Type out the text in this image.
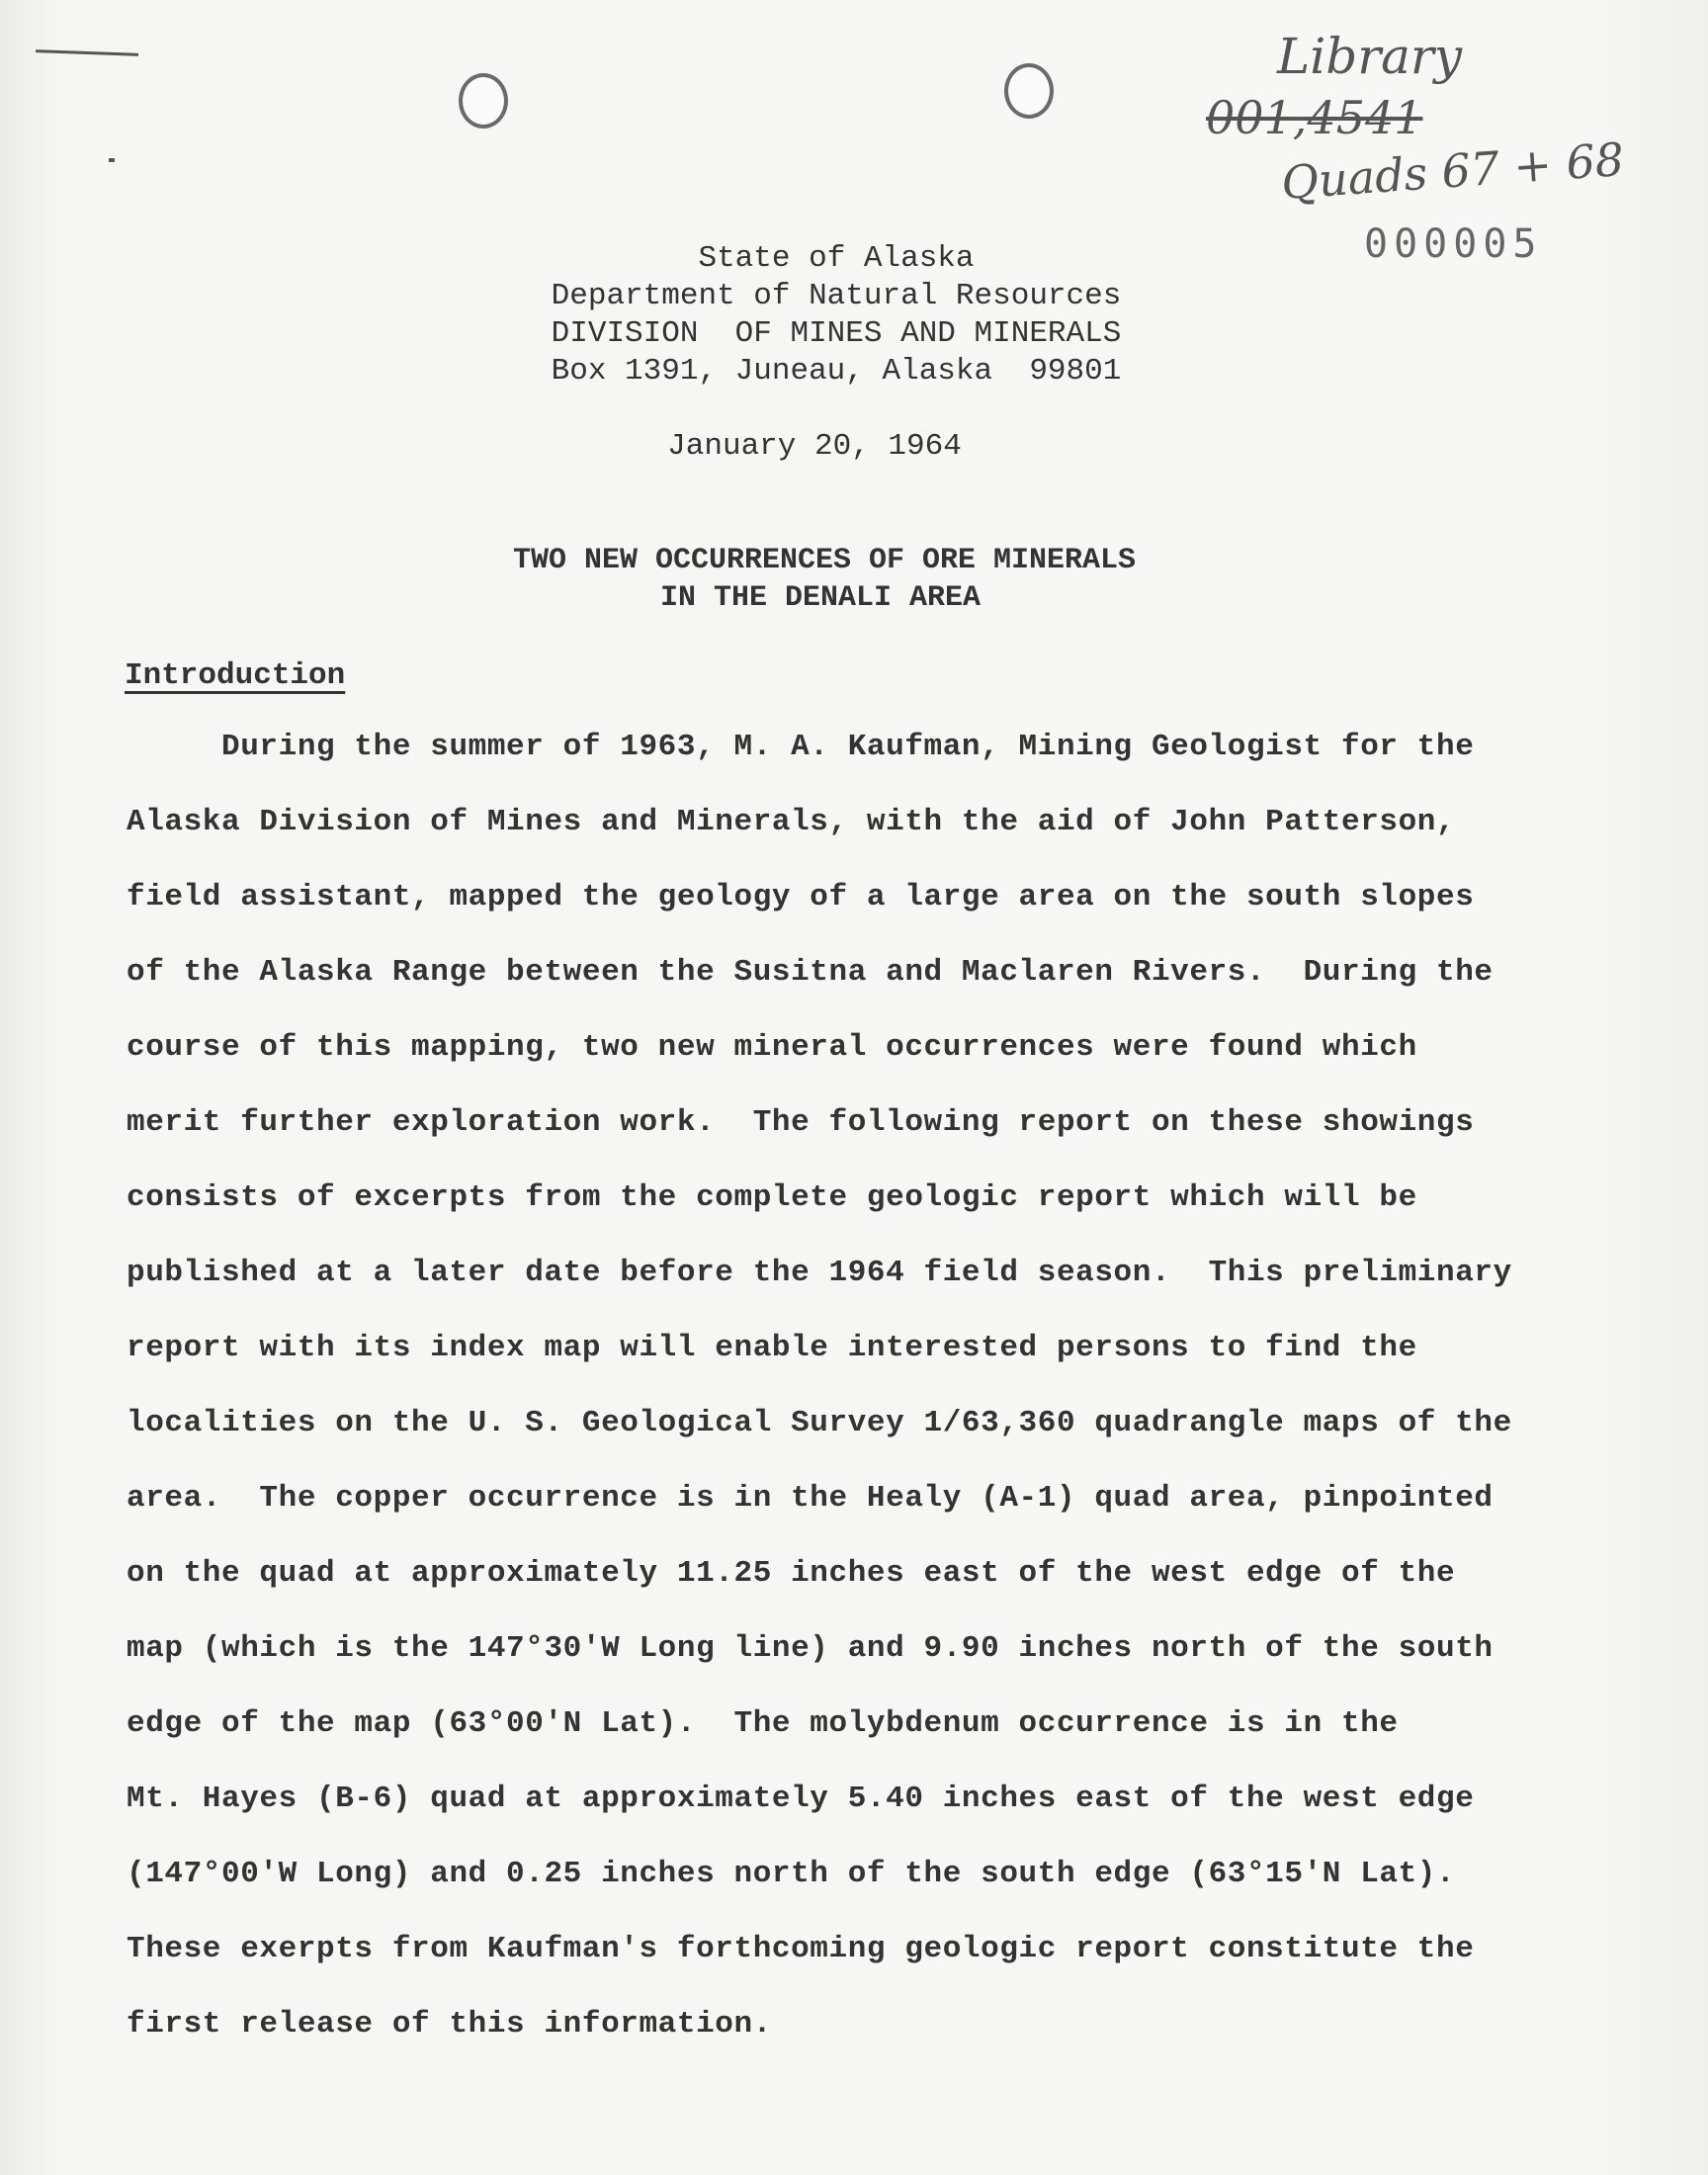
Library
001,4541
Quads 67 + 68
000005
State of Alaska
Department of Natural Resources
DIVISION  OF MINES AND MINERALS
Box 1391, Juneau, Alaska  99801
January 20, 1964
TWO NEW OCCURRENCES OF ORE MINERALS
IN THE DENALI AREA
Introduction
During the summer of 1963, M. A. Kaufman, Mining Geologist for the
Alaska Division of Mines and Minerals, with the aid of John Patterson,
field assistant, mapped the geology of a large area on the south slopes
of the Alaska Range between the Susitna and Maclaren Rivers.  During the
course of this mapping, two new mineral occurrences were found which
merit further exploration work.  The following report on these showings
consists of excerpts from the complete geologic report which will be
published at a later date before the 1964 field season.  This preliminary
report with its index map will enable interested persons to find the
localities on the U. S. Geological Survey 1/63,360 quadrangle maps of the
area.  The copper occurrence is in the Healy (A-1) quad area, pinpointed
on the quad at approximately 11.25 inches east of the west edge of the
map (which is the 147°30'W Long line) and 9.90 inches north of the south
edge of the map (63°00'N Lat).  The molybdenum occurrence is in the
Mt. Hayes (B-6) quad at approximately 5.40 inches east of the west edge
(147°00'W Long) and 0.25 inches north of the south edge (63°15'N Lat).
These exerpts from Kaufman's forthcoming geologic report constitute the
first release of this information.
